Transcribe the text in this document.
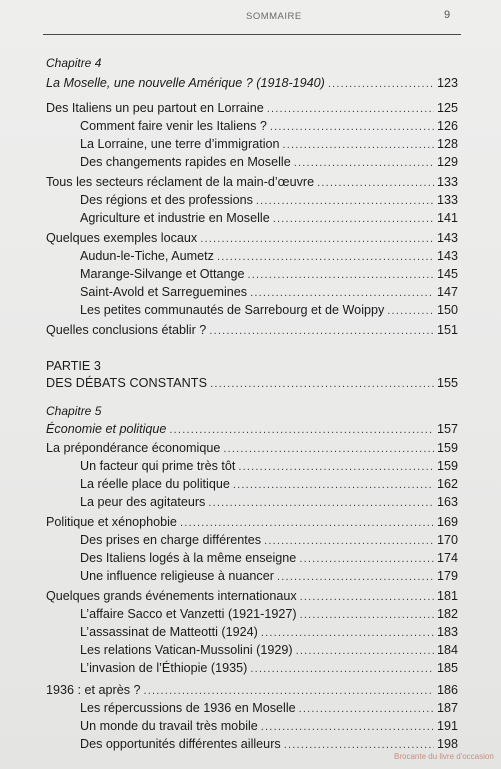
SOMMAIRE	9
Chapitre 4
La Moselle, une nouvelle Amérique ? (1918-1940) .....	123
Des Italiens un peu partout en Lorraine .....	125
Comment faire venir les Italiens ? .....	126
La Lorraine, une terre d’immigration .....	128
Des changements rapides en Moselle .....	129
Tous les secteurs réclament de la main-d’œuvre .....	133
Des régions et des professions .....	133
Agriculture et industrie en Moselle .....	141
Quelques exemples locaux .....	143
Audun-le-Tiche, Aumetz .....	143
Marange-Silvange et Ottange .....	145
Saint-Avold et Sarreguemines .....	147
Les petites communautés de Sarrebourg et de Woippy .....	150
Quelles conclusions établir ? .....	151
PARTIE 3
DES DÉBATS CONSTANTS .....	155
Chapitre 5
Économie et politique .....	157
La prépondérance économique .....	159
Un facteur qui prime très tôt .....	159
La réelle place du politique .....	162
La peur des agitateurs .....	163
Politique et xénophobie .....	169
Des prises en charge différentes .....	170
Des Italiens logés à la même enseigne .....	174
Une influence religieuse à nuancer .....	179
Quelques grands événements internationaux .....	181
L’affaire Sacco et Vanzetti (1921-1927) .....	182
L’assassinat de Matteotti (1924) .....	183
Les relations Vatican-Mussolini (1929) .....	184
L’invasion de l’Éthiopie (1935) .....	185
1936 : et après ? .....	186
Les répercussions de 1936 en Moselle .....	187
Un monde du travail très mobile .....	191
Des opportunités différentes ailleurs .....	198
Brocante du livre d'occasion
